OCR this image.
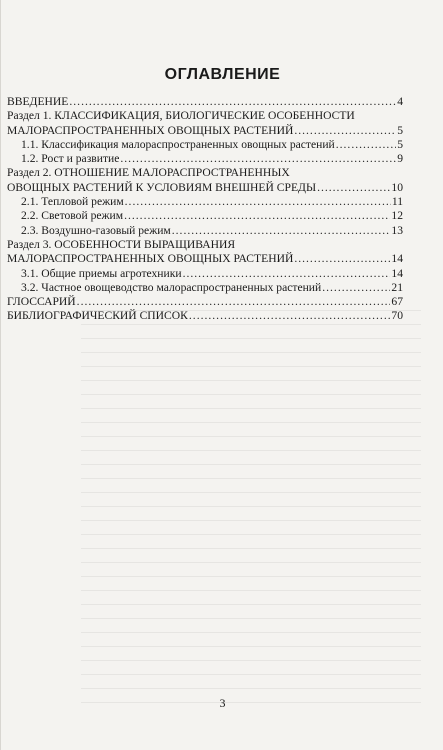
ОГЛАВЛЕНИЕ
ВВЕДЕНИЕ .....	4
Раздел 1. КЛАССИФИКАЦИЯ, БИОЛОГИЧЕСКИЕ ОСОБЕННОСТИ
МАЛОРАСПРОСТРАНЕННЫХ ОВОЩНЫХ РАСТЕНИЙ .....	5
1.1. Классификация малораспространенных овощных растений .....	5
1.2. Рост и развитие .....	9
Раздел 2. ОТНОШЕНИЕ МАЛОРАСПРОСТРАНЕННЫХ
ОВОЩНЫХ РАСТЕНИЙ К УСЛОВИЯМ ВНЕШНЕЙ СРЕДЫ .....	10
2.1. Тепловой режим .....	11
2.2. Световой режим .....	12
2.3. Воздушно-газовый режим .....	13
Раздел 3. ОСОБЕННОСТИ ВЫРАЩИВАНИЯ
МАЛОРАСПРОСТРАНЕННЫХ ОВОЩНЫХ РАСТЕНИЙ .....	14
3.1. Общие приемы агротехники .....	14
3.2. Частное овощеводство малораспространенных растений .....	21
ГЛОССАРИЙ .....	67
БИБЛИОГРАФИЧЕСКИЙ СПИСОК .....	70
3
